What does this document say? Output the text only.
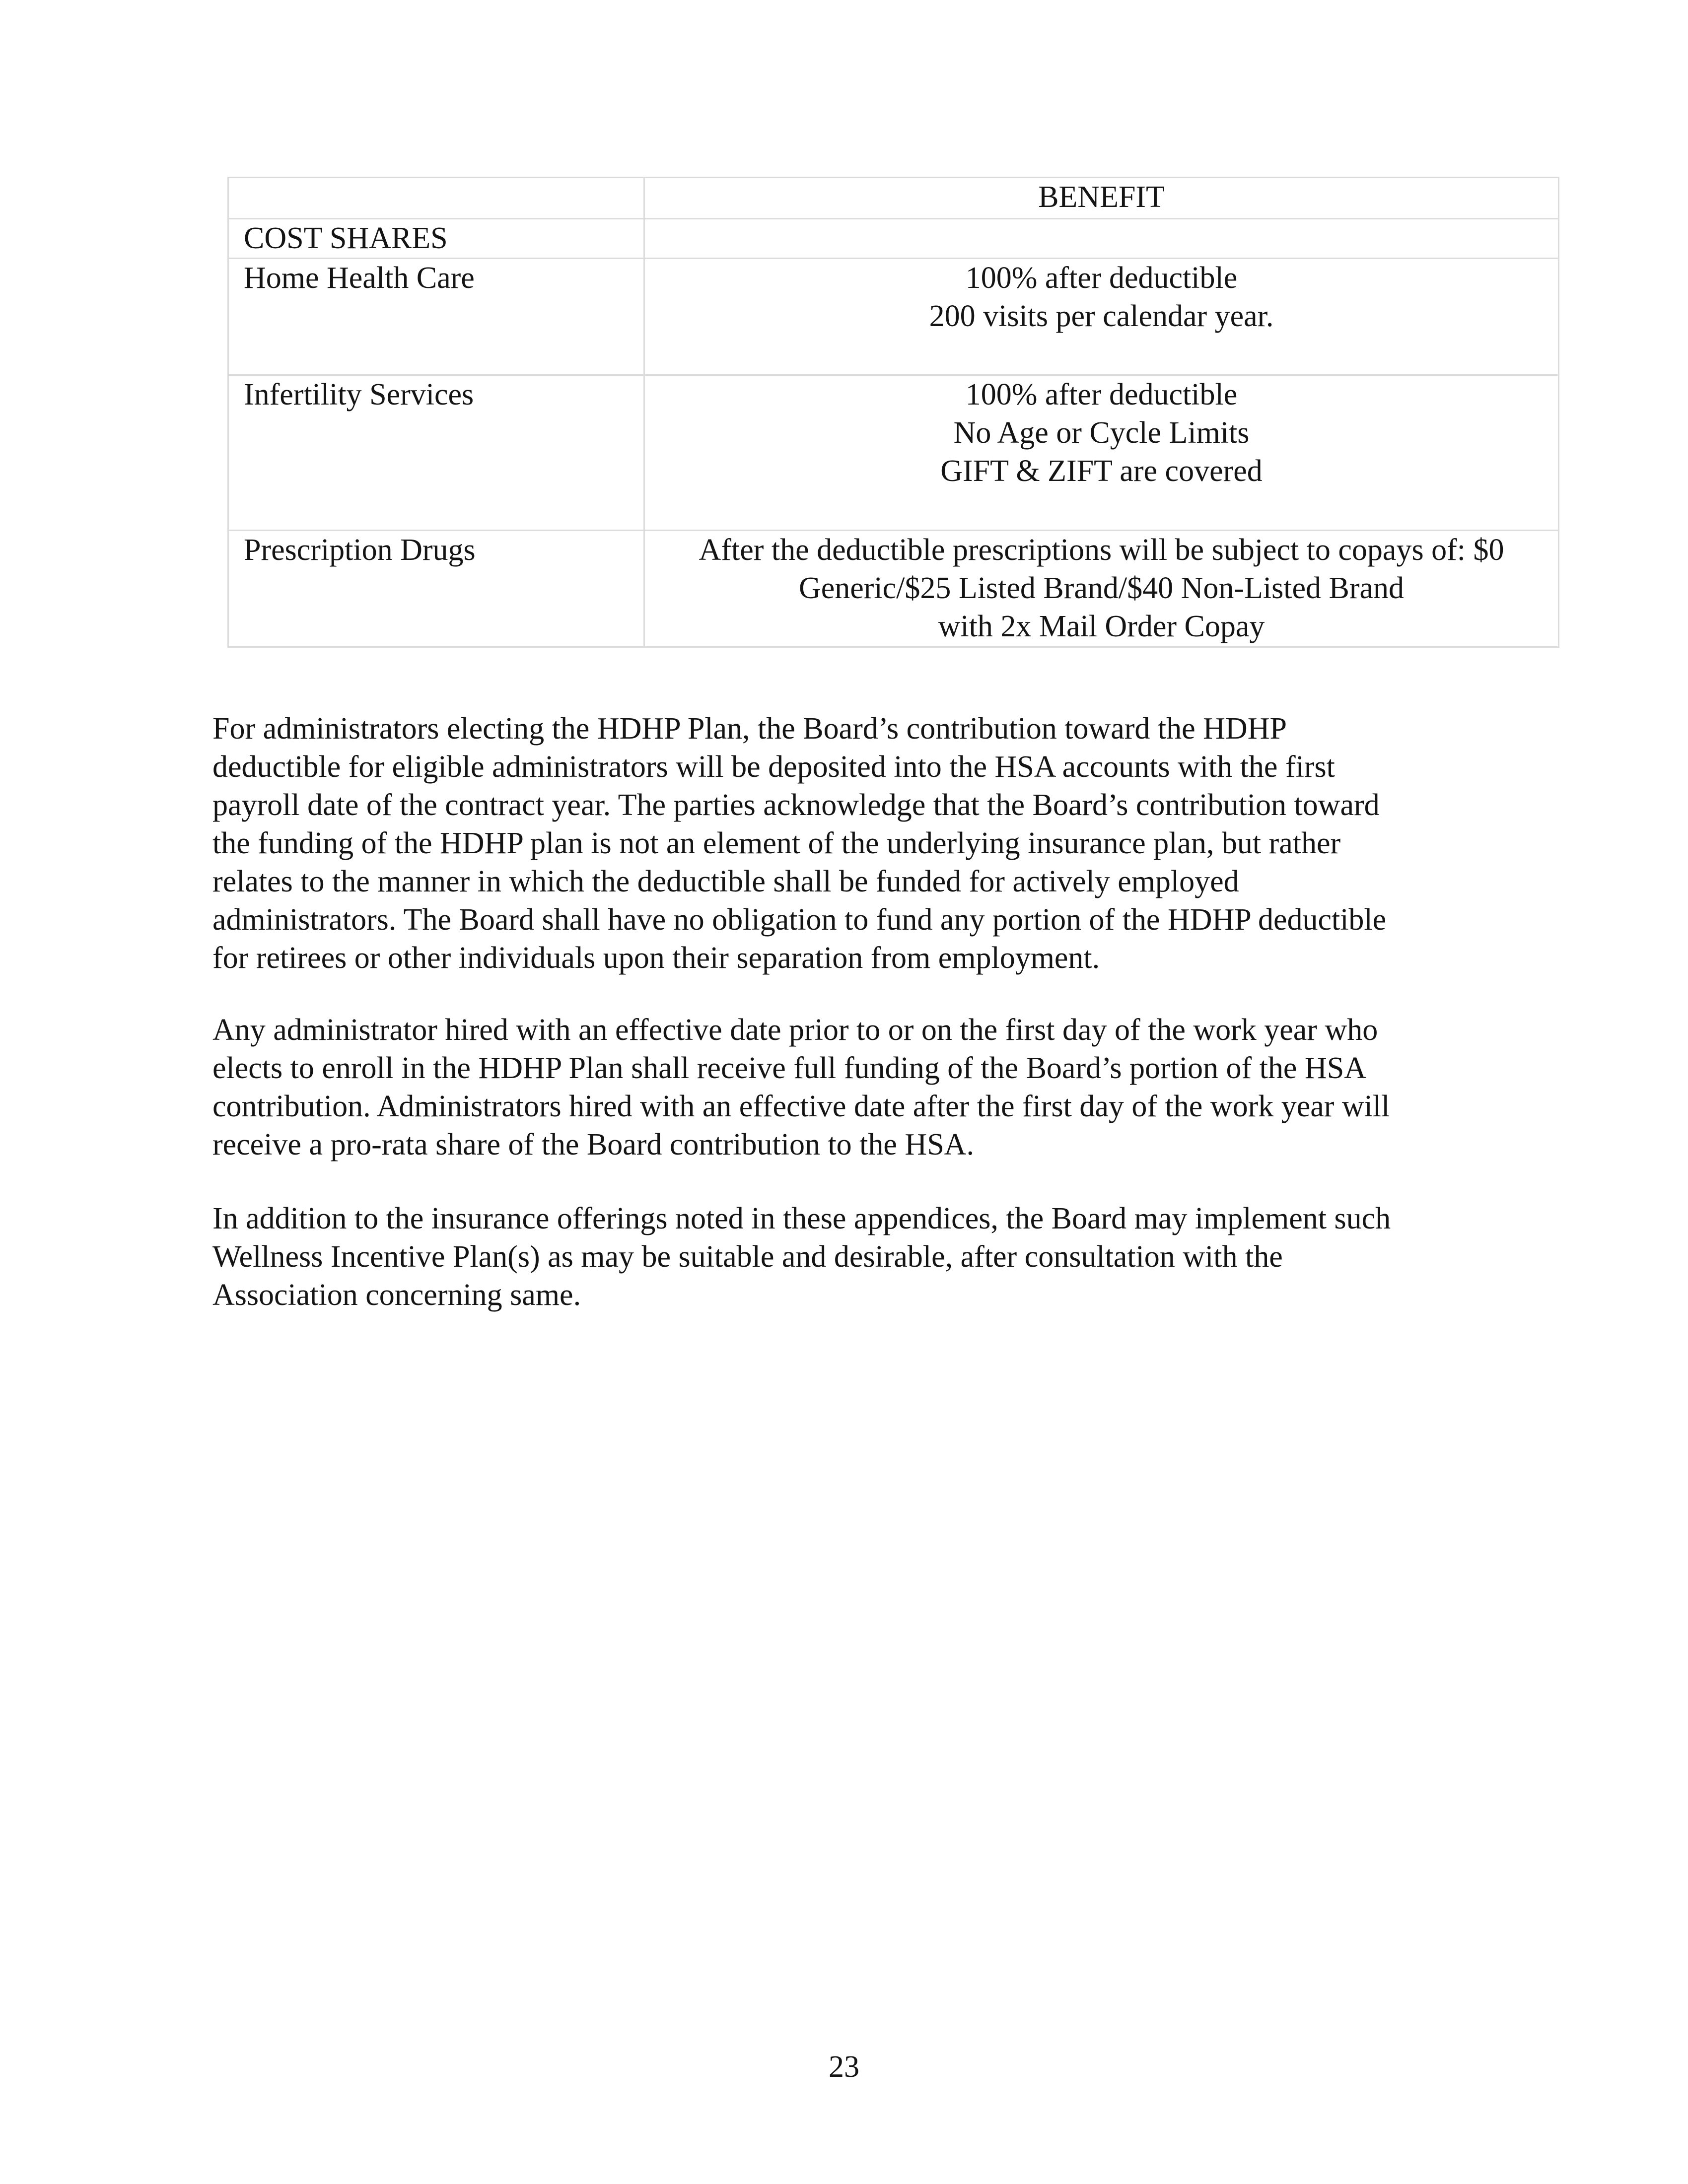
	BENEFIT
COST SHARES	
Home Health Care	100% after deductible
200 visits per calendar year.

Infertility Services	100% after deductible
No Age or Cycle Limits
GIFT & ZIFT are covered

Prescription Drugs	After the deductible prescriptions will be subject to copays of: $0
Generic/$25 Listed Brand/$40 Non-Listed Brand
with 2x Mail Order Copay

For administrators electing the HDHP Plan, the Board’s contribution toward the HDHP
deductible for eligible administrators will be deposited into the HSA accounts with the first
payroll date of the contract year. The parties acknowledge that the Board’s contribution toward
the funding of the HDHP plan is not an element of the underlying insurance plan, but rather
relates to the manner in which the deductible shall be funded for actively employed
administrators. The Board shall have no obligation to fund any portion of the HDHP deductible
for retirees or other individuals upon their separation from employment.

Any administrator hired with an effective date prior to or on the first day of the work year who
elects to enroll in the HDHP Plan shall receive full funding of the Board’s portion of the HSA
contribution. Administrators hired with an effective date after the first day of the work year will
receive a pro-rata share of the Board contribution to the HSA.

In addition to the insurance offerings noted in these appendices, the Board may implement such
Wellness Incentive Plan(s) as may be suitable and desirable, after consultation with the
Association concerning same.

23
